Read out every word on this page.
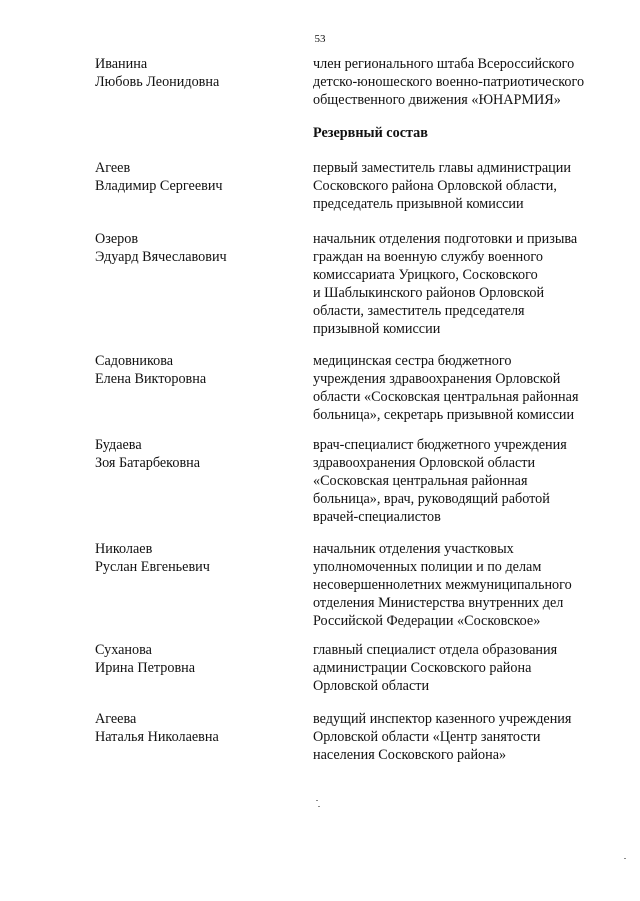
53
Иванина
Любовь Леонидовна
член регионального штаба Всероссийского
детско-юношеского военно-патриотического
общественного движения «ЮНАРМИЯ»
Резервный состав
Агеев
Владимир Сергеевич
первый заместитель главы администрации
Сосковского района Орловской области,
председатель призывной комиссии
Озеров
Эдуард Вячеславович
начальник отделения подготовки и призыва
граждан на военную службу военного
комиссариата Урицкого, Сосковского
и Шаблыкинского районов Орловской
области, заместитель председателя
призывной комиссии
Садовникова
Елена Викторовна
медицинская сестра бюджетного
учреждения здравоохранения Орловской
области «Сосковская центральная районная
больница», секретарь призывной комиссии
Будаева
Зоя Батарбековна
врач-специалист бюджетного учреждения
здравоохранения Орловской области
«Сосковская центральная районная
больница», врач, руководящий работой
врачей-специалистов
Николаев
Руслан Евгеньевич
начальник отделения участковых
уполномоченных полиции и по делам
несовершеннолетних межмуниципального
отделения Министерства внутренних дел
Российской Федерации «Сосковское»
Суханова
Ирина Петровна
главный специалист отдела образования
администрации Сосковского района
Орловской области
Агеева
Наталья Николаевна
ведущий инспектор казенного учреждения
Орловской области «Центр занятости
населения Сосковского района»
